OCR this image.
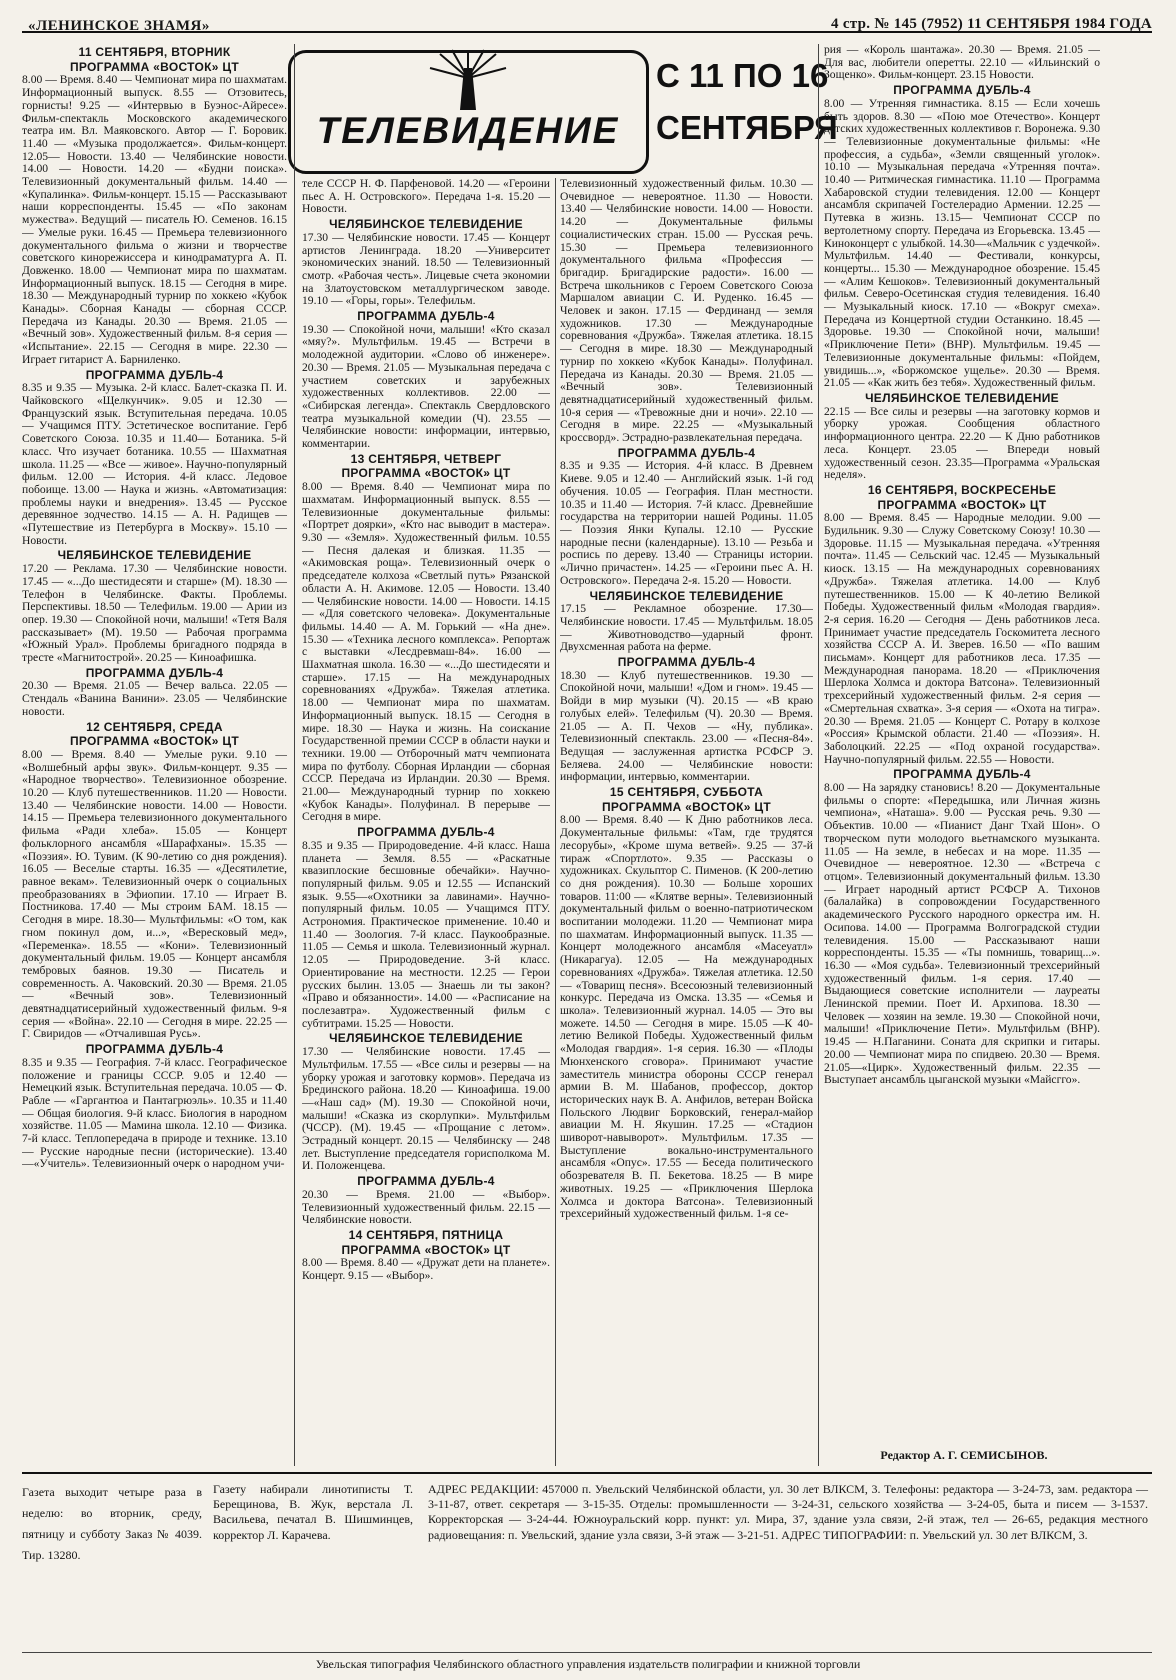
«ЛЕНИНСКОЕ ЗНАМЯ»	4 стр. № 145 (7952) 11 СЕНТЯБРЯ 1984 ГОДА
ТЕЛЕВИДЕНИЕ
С 11 ПО 16
СЕНТЯБРЯ
11 СЕНТЯБРЯ, ВТОРНИК
ПРОГРАММА «ВОСТОК» ЦТ

8.00 — Время. 8.40 — Чемпионат мира по шахматам. Информационный выпуск. 8.55 — Отзовитесь, горнисты! 9.25 — «Интервью в Буэнос-Айресе». Фильм-спектакль Московского академического театра им. Вл. Маяковского. Автор — Г. Боровик. 11.40 — «Музыка продолжается». Фильм-концерт. 12.05— Новости. 13.40 — Челябинские новости. 14.00 — Новости. 14.20 — «Будни поиска». Телевизионный документальный фильм. 14.40 — «Купалинка». Фильм-концерт. 15.15 — Рассказывают наши корреспонденты. 15.45 — «По законам мужества». Ведущий — писатель Ю. Семенов. 16.15 — Умелые руки. 16.45 — Премьера телевизионного документального фильма о жизни и творчестве советского кинорежиссера и кинодраматурга А. П. Довженко. 18.00 — Чемпионат мира по шахматам. Информационный выпуск. 18.15 — Сегодня в мире. 18.30 — Международный турнир по хоккею «Кубок Канады». Сборная Канады — сборная СССР. Передача из Канады. 20.30 — Время. 21.05 — «Вечный зов». Художественный фильм. 8-я серия — «Испытание». 22.15 — Сегодня в мире. 22.30 — Играет гитарист А. Барниленко.

ПРОГРАММА ДУБЛЬ-4

8.35 и 9.35 — Музыка. 2-й класс. Балет-сказка П. И. Чайковского «Щелкунчик». 9.05 и 12.30 — Французский язык. Вступительная передача. 10.05 — Учащимся ПТУ. Эстетическое воспитание. Герб Советского Союза. 10.35 и 11.40— Ботаника. 5-й класс. Что изучает ботаника. 10.55 — Шахматная школа. 11.25 — «Все — живое». Научно-популярный фильм. 12.00 — История. 4-й класс. Ледовое побоище. 13.00 — Наука и жизнь. «Автоматизация: проблемы науки и внедрения». 13.45 — Русское деревянное зодчество. 14.15 — А. Н. Радищев — «Путешествие из Петербурга в Москву». 15.10 — Новости.

ЧЕЛЯБИНСКОЕ ТЕЛЕВИДЕНИЕ

17.20 — Реклама. 17.30 — Челябинские новости. 17.45 — «...До шестидесяти и старше» (М). 18.30 — Телефон в Челябинске. Факты. Проблемы. Перспективы. 18.50 — Телефильм. 19.00 — Арии из опер. 19.30 — Спокойной ночи, малыши! «Тетя Валя рассказывает» (М). 19.50 — Рабочая программа «Южный Урал». Проблемы бригадного подряда в тресте «Магнитострой». 20.25 — Киноафишка.

ПРОГРАММА ДУБЛЬ-4

20.30 — Время. 21.05 — Вечер вальса. 22.05 — Стендаль «Ванина Ванини». 23.05 — Челябинские новости.

12 СЕНТЯБРЯ, СРЕДА
ПРОГРАММА «ВОСТОК» ЦТ

8.00 — Время. 8.40 — Умелые руки. 9.10 — «Волшебный арфы звук». Фильм-концерт. 9.35 — «Народное творчество». Телевизионное обозрение. 10.20 — Клуб путешественников. 11.20 — Новости. 13.40 — Челябинские новости. 14.00 — Новости. 14.15 — Премьера телевизионного документального фильма «Ради хлеба». 15.05 — Концерт фольклорного ансамбля «Шарафханы». 15.35 — «Поэзия». Ю. Тувим. (К 90-летию со дня рождения). 16.05 — Веселые старты. 16.35 — «Десятилетие, равное векам». Телевизионный очерк о социальных преобразованиях в Эфиопии. 17.10 — Играет В. Постникова. 17.40 — Мы строим БАМ. 18.15 — Сегодня в мире. 18.30— Мультфильмы: «О том, как гном покинул дом, и...», «Вересковый мед», «Переменка». 18.55 — «Кони». Телевизионный документальный фильм. 19.05 — Концерт ансамбля тембровых баянов. 19.30 — Писатель и современность. А. Чаковский. 20.30 — Время. 21.05 — «Вечный зов». Телевизионный девятнадцатисерийный художественный фильм. 9-я серия — «Война». 22.10 — Сегодня в мире. 22.25 — Г. Свиридов — «Отчалившая Русь».

ПРОГРАММА ДУБЛЬ-4

8.35 и 9.35 — География. 7-й класс. Географическое положение и границы СССР. 9.05 и 12.40 — Немецкий язык. Вступительная передача. 10.05 — Ф. Рабле — «Гаргантюа и Пантагрюэль». 10.35 и 11.40 — Общая биология. 9-й класс. Биология в народном хозяйстве. 11.05 — Мамина школа. 12.10 — Физика. 7-й класс. Теплопередача в природе и технике. 13.10 — Русские народные песни (исторические). 13.40—«Учитель». Телевизионный очерк о народном учи-

теле СССР Н. Ф. Парфеновой. 14.20 — «Героини пьес А. Н. Островского». Передача 1-я. 15.20 — Новости.

ЧЕЛЯБИНСКОЕ ТЕЛЕВИДЕНИЕ

17.30 — Челябинские новости. 17.45 — Концерт артистов Ленинграда. 18.20 —Университет экономических знаний. 18.50 — Телевизионный смотр. «Рабочая честь». Лицевые счета экономии на Златоустовском металлургическом заводе. 19.10 — «Горы, горы». Телефильм.

ПРОГРАММА ДУБЛЬ-4

19.30 — Спокойной ночи, малыши! «Кто сказал «мяу?». Мультфильм. 19.45 — Встречи в молодежной аудитории. «Слово об инженере». 20.30 — Время. 21.05 — Музыкальная передача с участием советских и зарубежных художественных коллективов. 22.00 — «Сибирская легенда». Спектакль Свердловского театра музыкальной комедии (Ч). 23.55 — Челябинские новости: информации, интервью, комментарии.

13 СЕНТЯБРЯ, ЧЕТВЕРГ
ПРОГРАММА «ВОСТОК» ЦТ

8.00 — Время. 8.40 — Чемпионат мира по шахматам. Информационный выпуск. 8.55 — Телевизионные документальные фильмы: «Портрет доярки», «Кто нас выводит в мастера». 9.30 — «Земля». Художественный фильм. 10.55 — Песня далекая и близкая. 11.35 — «Акимовская роща». Телевизионный очерк о председателе колхоза «Светлый путь» Рязанской области А. Н. Акимове. 12.05 — Новости. 13.40 — Челябинские новости. 14.00 — Новости. 14.15 — «Для советского человека». Документальные фильмы. 14.40 — А. М. Горький — «На дне». 15.30 — «Техника лесного комплекса». Репортаж с выставки «Лесдревмаш-84». 16.00 — Шахматная школа. 16.30 — «...До шестидесяти и старше». 17.15 — На международных соревнованиях «Дружба». Тяжелая атлетика. 18.00 — Чемпионат мира по шахматам. Информационный выпуск. 18.15 — Сегодня в мире. 18.30 — Наука и жизнь. На соискание Государственной премии СССР в области науки и техники. 19.00 — Отборочный матч чемпионата мира по футболу. Сборная Ирландии — сборная СССР. Передача из Ирландии. 20.30 — Время. 21.00— Международный турнир по хоккею «Кубок Канады». Полуфинал. В перерыве — Сегодня в мире.

ПРОГРАММА ДУБЛЬ-4

8.35 и 9.35 — Природоведение. 4-й класс. Наша планета — Земля. 8.55 — «Раскатные квазиплоские бесшовные обечайки». Научно-популярный фильм. 9.05 и 12.55 — Испанский язык. 9.55—«Охотники за лавинами». Научно-популярный фильм. 10.05 — Учащимся ПТУ. Астрономия. Практическое применение. 10.40 и 11.40 — Зоология. 7-й класс. Паукообразные. 11.05 — Семья и школа. Телевизионный журнал. 12.05 — Природоведение. 3-й класс. Ориентирование на местности. 12.25 — Герои русских былин. 13.05 — Знаешь ли ты закон? «Право и обязанности». 14.00 — «Расписание на послезавтра». Художественный фильм с субтитрами. 15.25 — Новости.

ЧЕЛЯБИНСКОЕ ТЕЛЕВИДЕНИЕ

17.30 — Челябинские новости. 17.45 —Мультфильм. 17.55 — «Все силы и резервы — на уборку урожая и заготовку кормов». Передача из Брединского района. 18.20 — Киноафиша. 19.00 —«Наш сад» (М). 19.30 — Спокойной ночи, малыши! «Сказка из скорлупки». Мультфильм (ЧССР). (М). 19.45 — «Прощание с летом». Эстрадный концерт. 20.15 — Челябинску — 248 лет. Выступление председателя горисполкома М. И. Положенцева.

ПРОГРАММА ДУБЛЬ-4

20.30 — Время. 21.00 — «Выбор». Телевизионный художественный фильм. 22.15 — Челябинские новости.

14 СЕНТЯБРЯ, ПЯТНИЦА
ПРОГРАММА «ВОСТОК» ЦТ

8.00 — Время. 8.40 — «Дружат дети на планете». Концерт. 9.15 — «Выбор».

Телевизионный художественный фильм. 10.30 — Очевидное — невероятное. 11.30 — Новости. 13.40 — Челябинские новости. 14.00 — Новости. 14.20 — Документальные фильмы социалистических стран. 15.00 — Русская речь. 15.30 — Премьера телевизионного документального фильма «Профессия — бригадир. Бригадирские радости». 16.00 — Встреча школьников с Героем Советского Союза Маршалом авиации С. И. Руденко. 16.45 — Человек и закон. 17.15 — Фердинанд — земля художников. 17.30 — Международные соревнования «Дружба». Тяжелая атлетика. 18.15 — Сегодня в мире. 18.30 — Международный турнир по хоккею «Кубок Канады». Полуфинал. Передача из Канады. 20.30 — Время. 21.05 — «Вечный зов». Телевизионный девятнадцатисерийный художественный фильм. 10-я серия — «Тревожные дни и ночи». 22.10 — Сегодня в мире. 22.25 — «Музыкальный кроссворд». Эстрадно-развлекательная передача.

ПРОГРАММА ДУБЛЬ-4

8.35 и 9.35 — История. 4-й класс. В Древнем Киеве. 9.05 и 12.40 — Английский язык. 1-й год обучения. 10.05 — География. План местности. 10.35 и 11.40 — История. 7-й класс. Древнейшие государства на территории нашей Родины. 11.05 — Поэзия Янки Купалы. 12.10 — Русские народные песни (календарные). 13.10 — Резьба и роспись по дереву. 13.40 — Страницы истории. «Лично причастен». 14.25 — «Героини пьес А. Н. Островского». Передача 2-я. 15.20 — Новости.

ЧЕЛЯБИНСКОЕ ТЕЛЕВИДЕНИЕ

17.15 — Рекламное обозрение. 17.30— Челябинские новости. 17.45 — Мультфильм. 18.05 — Животноводство—ударный фронт. Двухсменная работа на ферме.

ПРОГРАММА ДУБЛЬ-4

18.30 — Клуб путешественников. 19.30 — Спокойной ночи, малыши! «Дом и гном». 19.45 — Войди в мир музыки (Ч). 20.15 — «В краю голубых елей». Телефильм (Ч). 20.30 — Время. 21.05 — А. П. Чехов — «Ну, публика». Телевизионный спектакль. 23.00 — «Песня-84». Ведущая — заслуженная артистка РСФСР Э. Беляева. 24.00 — Челябинские новости: информации, интервью, комментарии.

15 СЕНТЯБРЯ, СУББОТА
ПРОГРАММА «ВОСТОК» ЦТ

8.00 — Время. 8.40 — К Дню работников леса. Документальные фильмы: «Там, где трудятся лесорубы», «Кроме шума ветвей». 9.25 — 37-й тираж «Спортлото». 9.35 — Рассказы о художниках. Скульптор С. Пименов. (К 200-летию со дня рождения). 10.30 — Больше хороших товаров. 11:00 — «Клятве верны». Телевизионный документальный фильм о военно-патриотическом воспитании молодежи. 11.20 — Чемпионат мира по шахматам. Информационный выпуск. 11.35 — Концерт молодежного ансамбля «Масеуатл» (Никарагуа). 12.05 — На международных соревнованиях «Дружба». Тяжелая атлетика. 12.50 — «Товарищ песня». Всесоюзный телевизионный конкурс. Передача из Омска. 13.35 — «Семья и школа». Телевизионный журнал. 14.05 — Это вы можете. 14.50 — Сегодня в мире. 15.05 —К 40-летию Великой Победы. Художественный фильм «Молодая гвардия». 1-я серия. 16.30 — «Плоды Мюнхенского сговора». Принимают участие заместитель министра обороны СССР генерал армии В. М. Шабанов, профессор, доктор исторических наук В. А. Анфилов, ветеран Войска Польского Людвиг Борковский, генерал-майор авиации М. Н. Якушин. 17.25 — «Стадион шиворот-навыворот». Мультфильм. 17.35 — Выступление вокально-инструментального ансамбля «Опус». 17.55 — Беседа политического обозревателя В. П. Бекетова. 18.25 — В мире животных. 19.25 — «Приключения Шерлока Холмса и доктора Ватсона». Телевизионный трехсерийный художественный фильм. 1-я се-

рия — «Король шантажа». 20.30 — Время. 21.05 — Для вас, любители оперетты. 22.10 — «Ильинский о Зощенко». Фильм-концерт. 23.15 Новости.

ПРОГРАММА ДУБЛЬ-4

8.00 — Утренняя гимнастика. 8.15 — Если хочешь быть здоров. 8.30 — «Пою мое Отечество». Концерт детских художественных коллективов г. Воронежа. 9.30 — Телевизионные документальные фильмы: «Не профессия, а судьба», «Земли священный уголок». 10.10 — Музыкальная передача «Утренняя почта». 10.40 — Ритмическая гимнастика. 11.10 — Программа Хабаровской студии телевидения. 12.00 — Концерт ансамбля скрипачей Гостелерадио Армении. 12.25 — Путевка в жизнь. 13.15— Чемпионат СССР по вертолетному спорту. Передача из Егорьевска. 13.45 — Киноконцерт с улыбкой. 14.30—«Мальчик с уздечкой». Мультфильм. 14.40 — Фестивали, конкурсы, концерты... 15.30 — Международное обозрение. 15.45 — «Алим Кешоков». Телевизионный документальный фильм. Северо-Осетинская студия телевидения. 16.40 — Музыкальный киоск. 17.10 — «Вокруг смеха». Передача из Концертной студии Останкино. 18.45 — Здоровье. 19.30 — Спокойной ночи, малыши! «Приключение Пети» (ВНР). Мультфильм. 19.45 — Телевизионные документальные фильмы: «Пойдем, увидишь...», «Боржомское ущелье». 20.30 — Время. 21.05 — «Как жить без тебя». Художественный фильм.

ЧЕЛЯБИНСКОЕ ТЕЛЕВИДЕНИЕ

22.15 — Все силы и резервы —на заготовку кормов и уборку урожая. Сообщения областного информационного центра. 22.20 — К Дню работников леса. Концерт. 23.05 — Впереди новый художественный сезон. 23.35—Программа «Уральская неделя».

16 СЕНТЯБРЯ, ВОСКРЕСЕНЬЕ
ПРОГРАММА «ВОСТОК» ЦТ

8.00 — Время. 8.45 — Народные мелодии. 9.00 — Будильник. 9.30 — Служу Советскому Союзу! 10.30 — Здоровье. 11.15 — Музыкальная передача. «Утренняя почта». 11.45 — Сельский час. 12.45 — Музыкальный киоск. 13.15 — На международных соревнованиях «Дружба». Тяжелая атлетика. 14.00 — Клуб путешественников. 15.00 — К 40-летию Великой Победы. Художественный фильм «Молодая гвардия». 2-я серия. 16.20 — Сегодня — День работников леса. Принимает участие председатель Госкомитета лесного хозяйства СССР А. И. Зверев. 16.50 — «По вашим письмам». Концерт для работников леса. 17.35 — Международная панорама. 18.20 — «Приключения Шерлока Холмса и доктора Ватсона». Телевизионный трехсерийный художественный фильм. 2-я серия — «Смертельная схватка». 3-я серия — «Охота на тигра». 20.30 — Время. 21.05 — Концерт С. Ротару в колхозе «Россия» Крымской области. 21.40 — «Поэзия». Н. Заболоцкий. 22.25 — «Под охраной государства». Научно-популярный фильм. 22.55 — Новости.

ПРОГРАММА ДУБЛЬ-4

8.00 — На зарядку становись! 8.20 — Документальные фильмы о спорте: «Передышка, или Личная жизнь чемпиона», «Наташа». 9.00 — Русская речь. 9.30 — Объектив. 10.00 — «Пианист Данг Тхай Шон». О творческом пути молодого вьетнамского музыканта. 11.05 — На земле, в небесах и на море. 11.35 — Очевидное — невероятное. 12.30 — «Встреча с отцом». Телевизионный документальный фильм. 13.30— Играет народный артист РСФСР А. Тихонов (балалайка) в сопровождении Государственного академического Русского народного оркестра им. Н. Осипова. 14.00 — Программа Волгоградской студии телевидения. 15.00 — Рассказывают наши корреспонденты. 15.35 — «Ты помнишь, товарищ...». 16.30 — «Моя судьба». Телевизионный трехсерийный художественный фильм. 1-я серия. 17.40 — Выдающиеся советские исполнители — лауреаты Ленинской премии. Поет И. Архипова. 18.30 — Человек — хозяин на земле. 19.30 — Спокойной ночи, малыши! «Приключение Пети». Мультфильм (ВНР). 19.45 — Н.Паганини. Соната для скрипки и гитары. 20.00 — Чемпионат мира по спидвею. 20.30 — Время. 21.05—«Цирк». Художественный фильм. 22.35 — Выступает ансамбль цыганской музыки «Майсгго».

Редактор А. Г. СЕМИСЫНОВ.
Газета выходит четыре раза в неделю: во вторник, среду, пятницу и субботу Заказ № 4039. Тир. 13280.
Газету набирали линотиписты Т. Берещинова, В. Жук, верстала Л. Васильева, печатал В. Шишминцев, корректор Л. Карачева.
АДРЕС РЕДАКЦИИ: 457000 п. Увельский Челябинской области, ул. 30 лет ВЛКСМ, 3. Телефоны: редактора — 3-24-73, зам. редактора — 3-11-87, ответ. секретаря — 3-15-35. Отделы: промышленности — 3-24-31, сельского хозяйства — 3-24-05, быта и писем — 3-1537. Корректорская — 3-24-44. Южноуральский корр. пункт: ул. Мира, 37, здание узла связи, 2-й этаж, тел — 26-65, редакция местного радиовещания: п. Увельский, здание узла связи, 3-й этаж — 3-21-51. АДРЕС ТИПОГРАФИИ: п. Увельский ул. 30 лет ВЛКСМ, 3.
Увельская типография Челябинского областного управления издательств полиграфии и книжной торговли
